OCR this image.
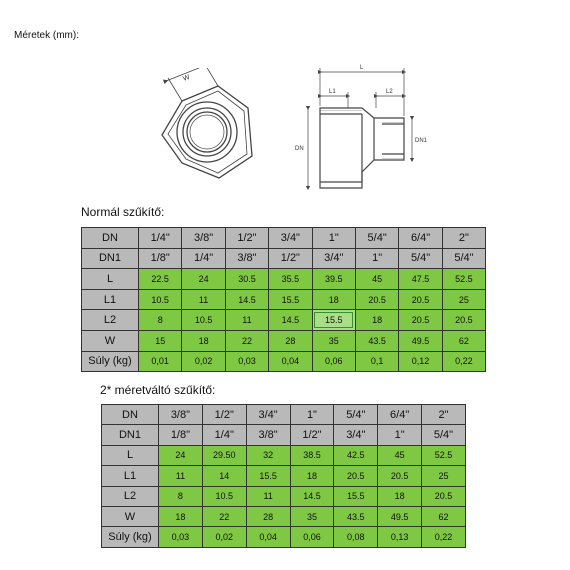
Méretek (mm):
W
L
L1	L2
DN
DN1
Normál szűkítő:
DN	1/4"	3/8"	1/2"	3/4"	1"	5/4"	6/4"	2"
DN1	1/8"	1/4"	3/8"	1/2"	3/4"	1"	5/4"	5/4"
L	22.5	24	30.5	35.5	39.5	45	47.5	52.5
L1	10.5	11	14.5	15.5	18	20.5	20.5	25
L2	8	10.5	11	14.5	15.5	18	20.5	20.5
W	15	18	22	28	35	43.5	49.5	62
Súly (kg)	0,01	0,02	0,03	0,04	0,06	0,1	0,12	0,22
2* méretváltó szűkítő:
DN	3/8"	1/2"	3/4"	1"	5/4"	6/4"	2"
DN1	1/8"	1/4"	3/8"	1/2"	3/4"	1"	5/4"
L	24	29.50	32	38.5	42.5	45	52.5
L1	11	14	15.5	18	20.5	20.5	25
L2	8	10.5	11	14.5	15.5	18	20.5
W	18	22	28	35	43.5	49.5	62
Súly (kg)	0,03	0,02	0,04	0,06	0,08	0,13	0,22
